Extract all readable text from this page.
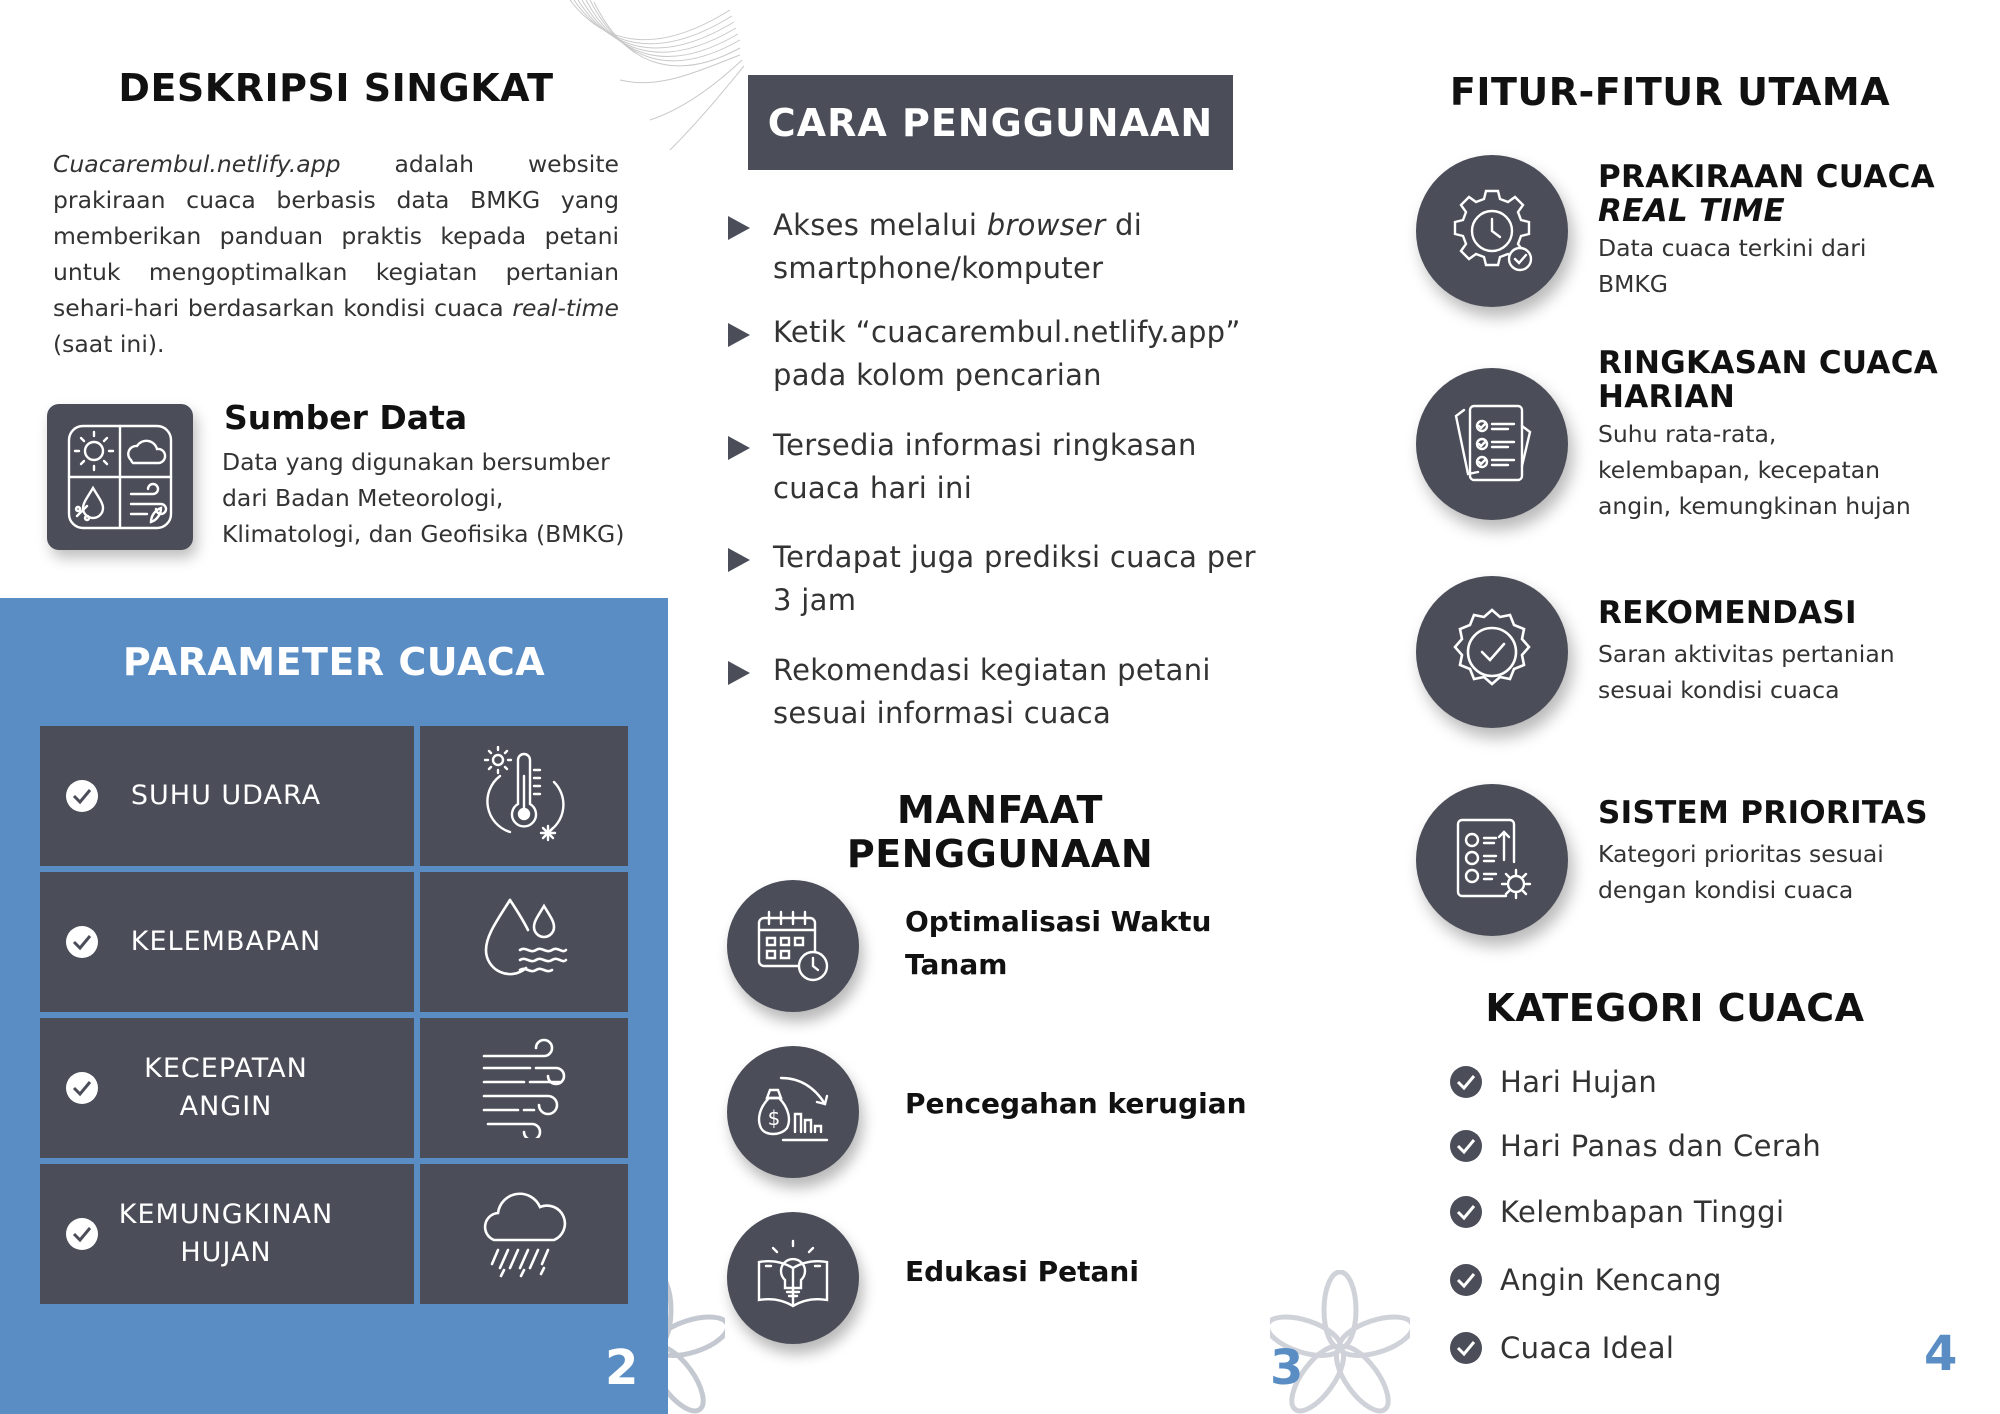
DESKRIPSI SINGKAT
Cuacarembul.netlify.app adalah website prakiraan cuaca berbasis data BMKG yang memberikan panduan praktis kepada petani untuk mengoptimalkan kegiatan pertanian sehari-hari berdasarkan kondisi cuaca real-time (saat ini).
Sumber Data
Data yang digunakan bersumber dari Badan Meteorologi, Klimatologi, dan Geofisika (BMKG)
PARAMETER CUACA
SUHU UDARA
KELEMBAPAN
KECEPATAN ANGIN
KEMUNGKINAN HUJAN
2
CARA PENGGUNAAN
Akses melalui browser di smartphone/komputer
Ketik “cuacarembul.netlify.app” pada kolom pencarian
Tersedia informasi ringkasan cuaca hari ini
Terdapat juga prediksi cuaca per 3 jam
Rekomendasi kegiatan petani sesuai informasi cuaca
MANFAAT PENGGUNAAN
Optimalisasi Waktu Tanam
$	Pencegahan kerugian
Edukasi Petani
3
FITUR-FITUR UTAMA
PRAKIRAAN CUACA
REAL TIME
Data cuaca terkini dari BMKG
RINGKASAN CUACA
HARIAN
Suhu rata-rata, kelembapan, kecepatan angin, kemungkinan hujan
REKOMENDASI
Saran aktivitas pertanian sesuai kondisi cuaca
SISTEM PRIORITAS
Kategori prioritas sesuai dengan kondisi cuaca
KATEGORI CUACA
Hari Hujan
Hari Panas dan Cerah
Kelembapan Tinggi
Angin Kencang
Cuaca Ideal	4
